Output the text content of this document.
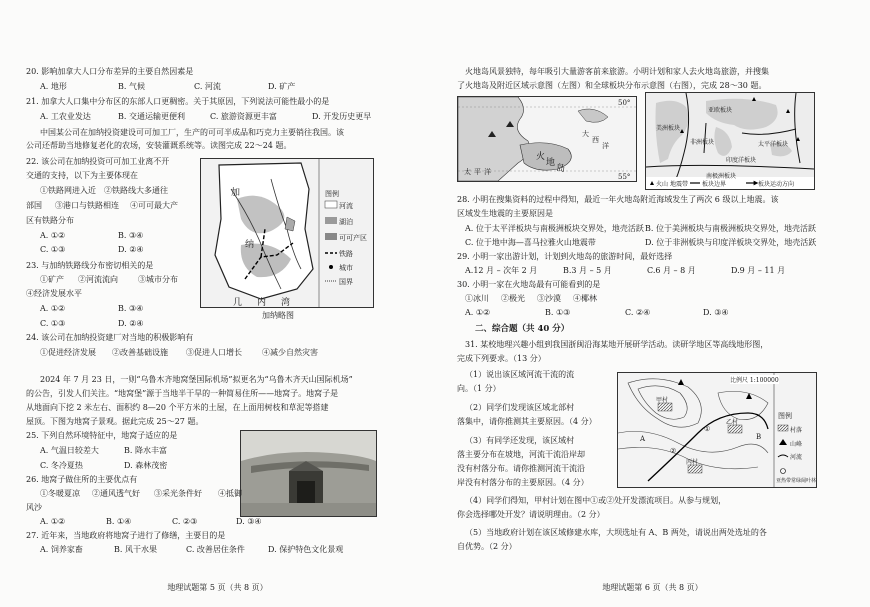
20. 影响加拿大人口分布差异的主要自然因素是
A. 地形	B. 气候	C. 河流	D. 矿产
21. 加拿大人口集中分布区的东部人口更稠密。关于其原因，下列说法可能性最小的是
A. 工农业发达	B. 交通运输更便利	C. 旅游资源更丰富	D. 开发历史更早
中国某公司在加纳投资建设可可加工厂，生产的可可半成品和巧克力主要销往我国。该
公司还帮助当地修复老化的农场，安装灌溉系统等。读图完成 22～24 题。
22. 该公司在加纳投资可可加工业离不开
交通的支持，以下为主要体现在
①铁路网进入近 ②铁路线大多通往
部国 ③港口与铁路相连 ④可可最大产
区有铁路分布
A. ①②	B. ③④
C. ①③	D. ②④
23. 与加纳铁路线分布密切相关的是
①矿产 ②河流流向	③城市分布
④经济发展水平
A. ①②	B. ③④
C. ①③	D. ②④
图例
河流
湖泊
可可产区
铁路
城市
国界
加
纳
几 内 湾
加纳略图
24. 该公司在加纳投资建厂对当地的积极影响有
①促进经济发展 ②改善基础设施 ③促进人口增长	④减少自然灾害
2024 年 7 月 23 日，一则“乌鲁木齐地窝堡国际机场”拟更名为“乌鲁木齐天山国际机场”
的公告，引发人们关注。“地窝堡”源于当地半干旱的一种简易住所——地窝子。地窝子是
从地面向下挖 2 米左右、面积约 8—20 个平方米的土屋，在上面用树枝和草泥等搭建
屋顶。下图为地窝子景观。据此完成 25～27 题。
25. 下列自然环境特征中，地窝子适应的是
A. 气温日较差大	B. 降水丰富
C. 冬冷夏热	D. 森林茂密
26. 地窝子做住所的主要优点有
①冬暖夏凉 ②通风透气好 ③采光条件好 ④抵御
风沙
A. ①②	B. ①④	C. ②③	D. ③④
27. 近年来，当地政府将地窝子进行了修缮，主要目的是
A. 饲养家畜	B. 风干水果	C. 改善居住条件	D. 保护特色文化景观
地理试题第 5 页（共 8 页）
火地岛风景独特，每年吸引大量游客前来旅游。小明计划和家人去火地岛旅游，并搜集
了火地岛及附近区域示意图（左图）和全球板块分布示意图（右图），完成 28～30 题。
火
地
岛
太 平 洋
大
西
洋
50°
55°
亚欧板块
太平洋板块
美洲板块
非洲板块
印度洋板块
南极洲板块
火山 地震带 板块边界	板块运动方向
28. 小明在搜集资料的过程中得知，最近一年火地岛附近海域发生了两次 6 级以上地震。该
区域发生地震的主要原因是
A. 位于太平洋板块与南极洲板块交界处，地壳活跃 B. 位于美洲板块与南极洲板块交界处，地壳活跃
C. 位于地中海—喜马拉雅火山地震带	D. 位于非洲板块与印度洋板块交界处，地壳活跃
29. 小明一家出游计划，计划到火地岛的旅游时间，最好选择
A.12 月 – 次年 2 月	B.3 月 – 5 月	C.6 月 – 8 月	D.9 月 – 11 月
30. 小明一家在火地岛最有可能看到的是
①冰川 ②极光 ③沙漠 ④椰林
A. ①②	B. ①③	C. ②④	D. ③④
二、综合题（共 40 分）
31. 某校地理兴趣小组到我国浙闽沿海某地开展研学活动。读研学地区等高线地形图，
完成下列要求。（13 分）
（1）说出该区域河流干流的流
向。（1 分）
（2）同学们发现该区域北部村
落集中，请你推测其主要原因。（4 分）
（3）有同学还发现，该区域村
落主要分布在坡地，河流干流沿岸却
没有村落分布。请你推测河流干流沿
岸没有村落分布的主要原因。（4 分）
（4）同学们得知，甲村计划在图中①或②处开发漂流项目。从参与规划，
你会选择哪处开发？请说明理由。（2 分）
（5）当地政府计划在该区域修建水库，大坝选址有 A、B 两处，请说出两处选址的各
自优势。（2 分）
比例尺 1:100000
图例
村落
山峰
河流
亚热带常绿阔叶林
甲村
乙村
丙村
A	B
①
②
地理试题第 6 页（共 8 页）
